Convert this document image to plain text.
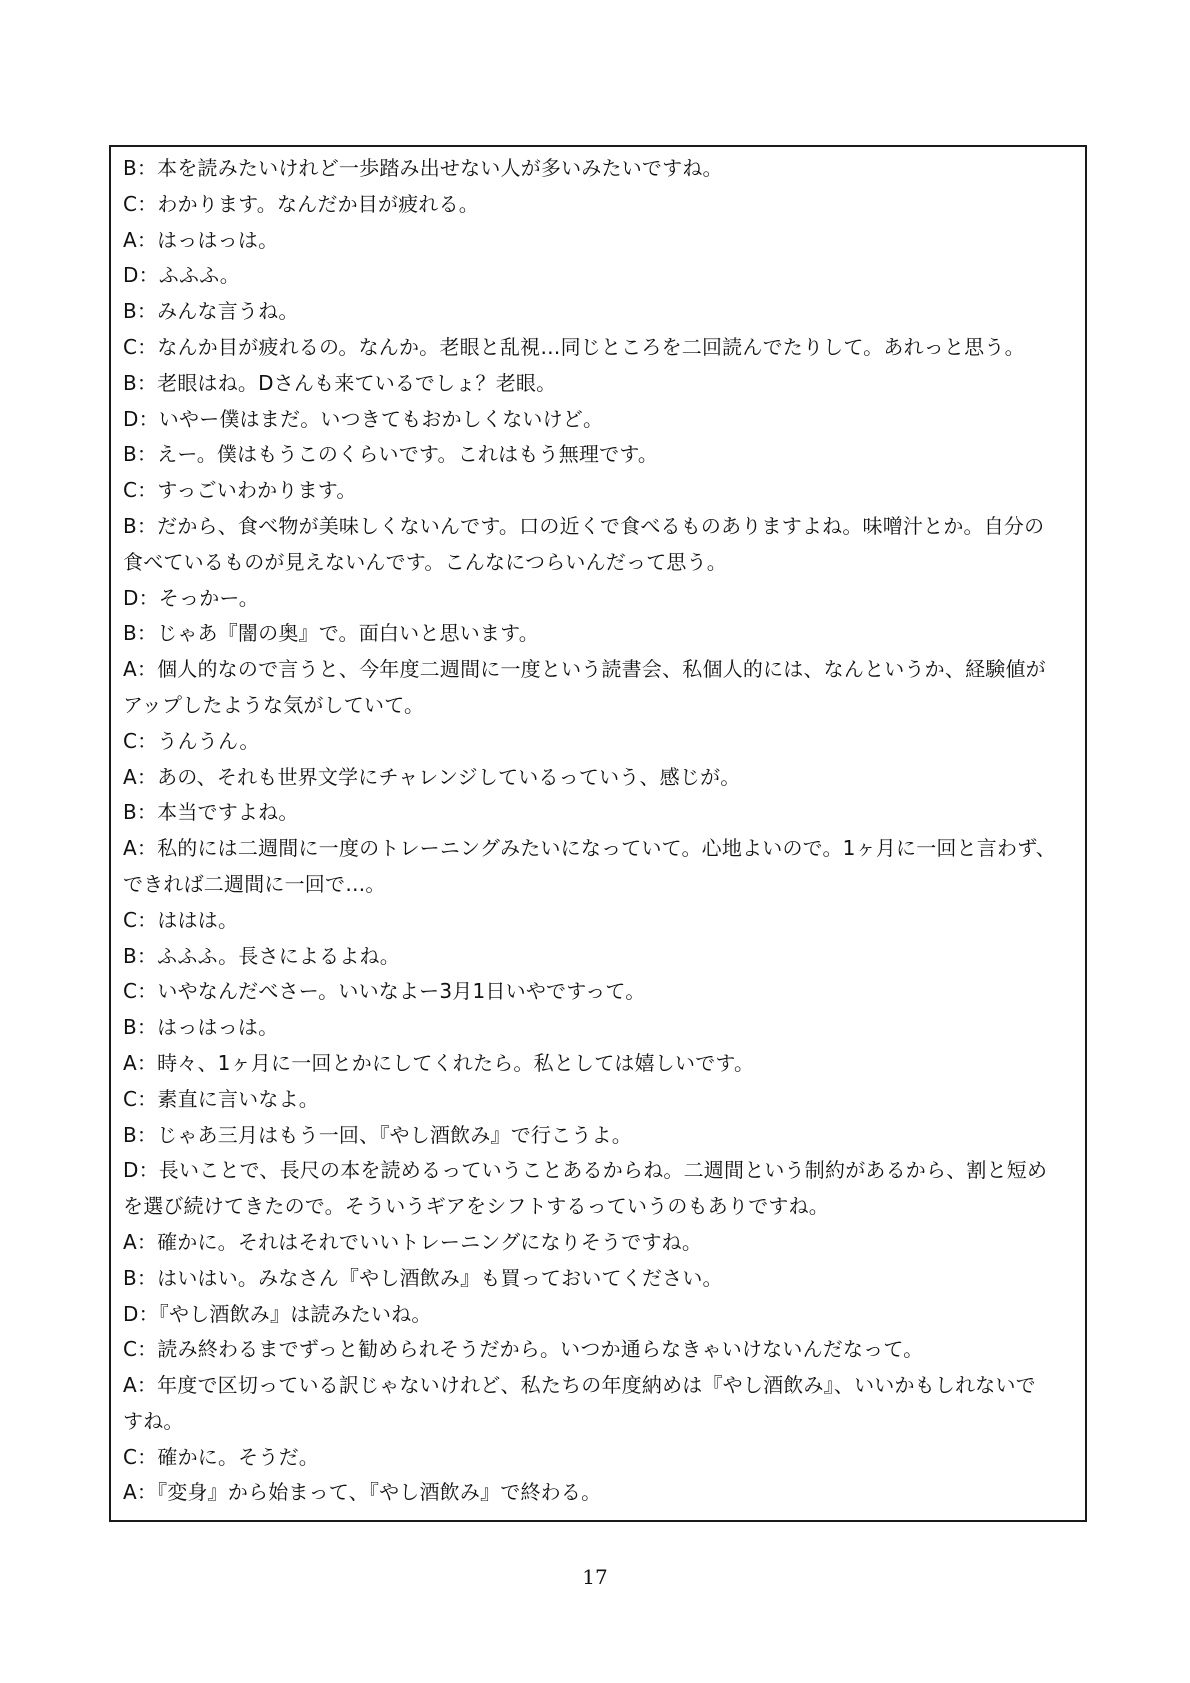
B：本を読みたいけれど一歩踏み出せない人が多いみたいですね。
C：わかります。なんだか目が疲れる。
A：はっはっは。
D：ふふふ。
B：みんな言うね。
C：なんか目が疲れるの。なんか。老眼と乱視…同じところを二回読んでたりして。あれっと思う。
B：老眼はね。Dさんも来ているでしょ？老眼。
D：いやー僕はまだ。いつきてもおかしくないけど。
B：えー。僕はもうこのくらいです。これはもう無理です。
C：すっごいわかります。
B：だから、食べ物が美味しくないんです。口の近くで食べるものありますよね。味噌汁とか。自分の
食べているものが見えないんです。こんなにつらいんだって思う。
D：そっかー。
B：じゃあ『闇の奥』で。面白いと思います。
A：個人的なので言うと、今年度二週間に一度という読書会、私個人的には、なんというか、経験値が
アップしたような気がしていて。
C：うんうん。
A：あの、それも世界文学にチャレンジしているっていう、感じが。
B：本当ですよね。
A：私的には二週間に一度のトレーニングみたいになっていて。心地よいので。1ヶ月に一回と言わず、
できれば二週間に一回で…。
C：ははは。
B：ふふふ。長さによるよね。
C：いやなんだべさー。いいなよー3月1日いやですって。
B：はっはっは。
A：時々、1ヶ月に一回とかにしてくれたら。私としては嬉しいです。
C：素直に言いなよ。
B：じゃあ三月はもう一回、『やし酒飲み』で行こうよ。
D：長いことで、長尺の本を読めるっていうことあるからね。二週間という制約があるから、割と短め
を選び続けてきたので。そういうギアをシフトするっていうのもありですね。
A：確かに。それはそれでいいトレーニングになりそうですね。
B：はいはい。みなさん『やし酒飲み』も買っておいてください。
D：『やし酒飲み』は読みたいね。
C：読み終わるまでずっと勧められそうだから。いつか通らなきゃいけないんだなって。
A：年度で区切っている訳じゃないけれど、私たちの年度納めは『やし酒飲み』、いいかもしれないで
すね。
C：確かに。そうだ。
A：『変身』から始まって、『やし酒飲み』で終わる。
17
